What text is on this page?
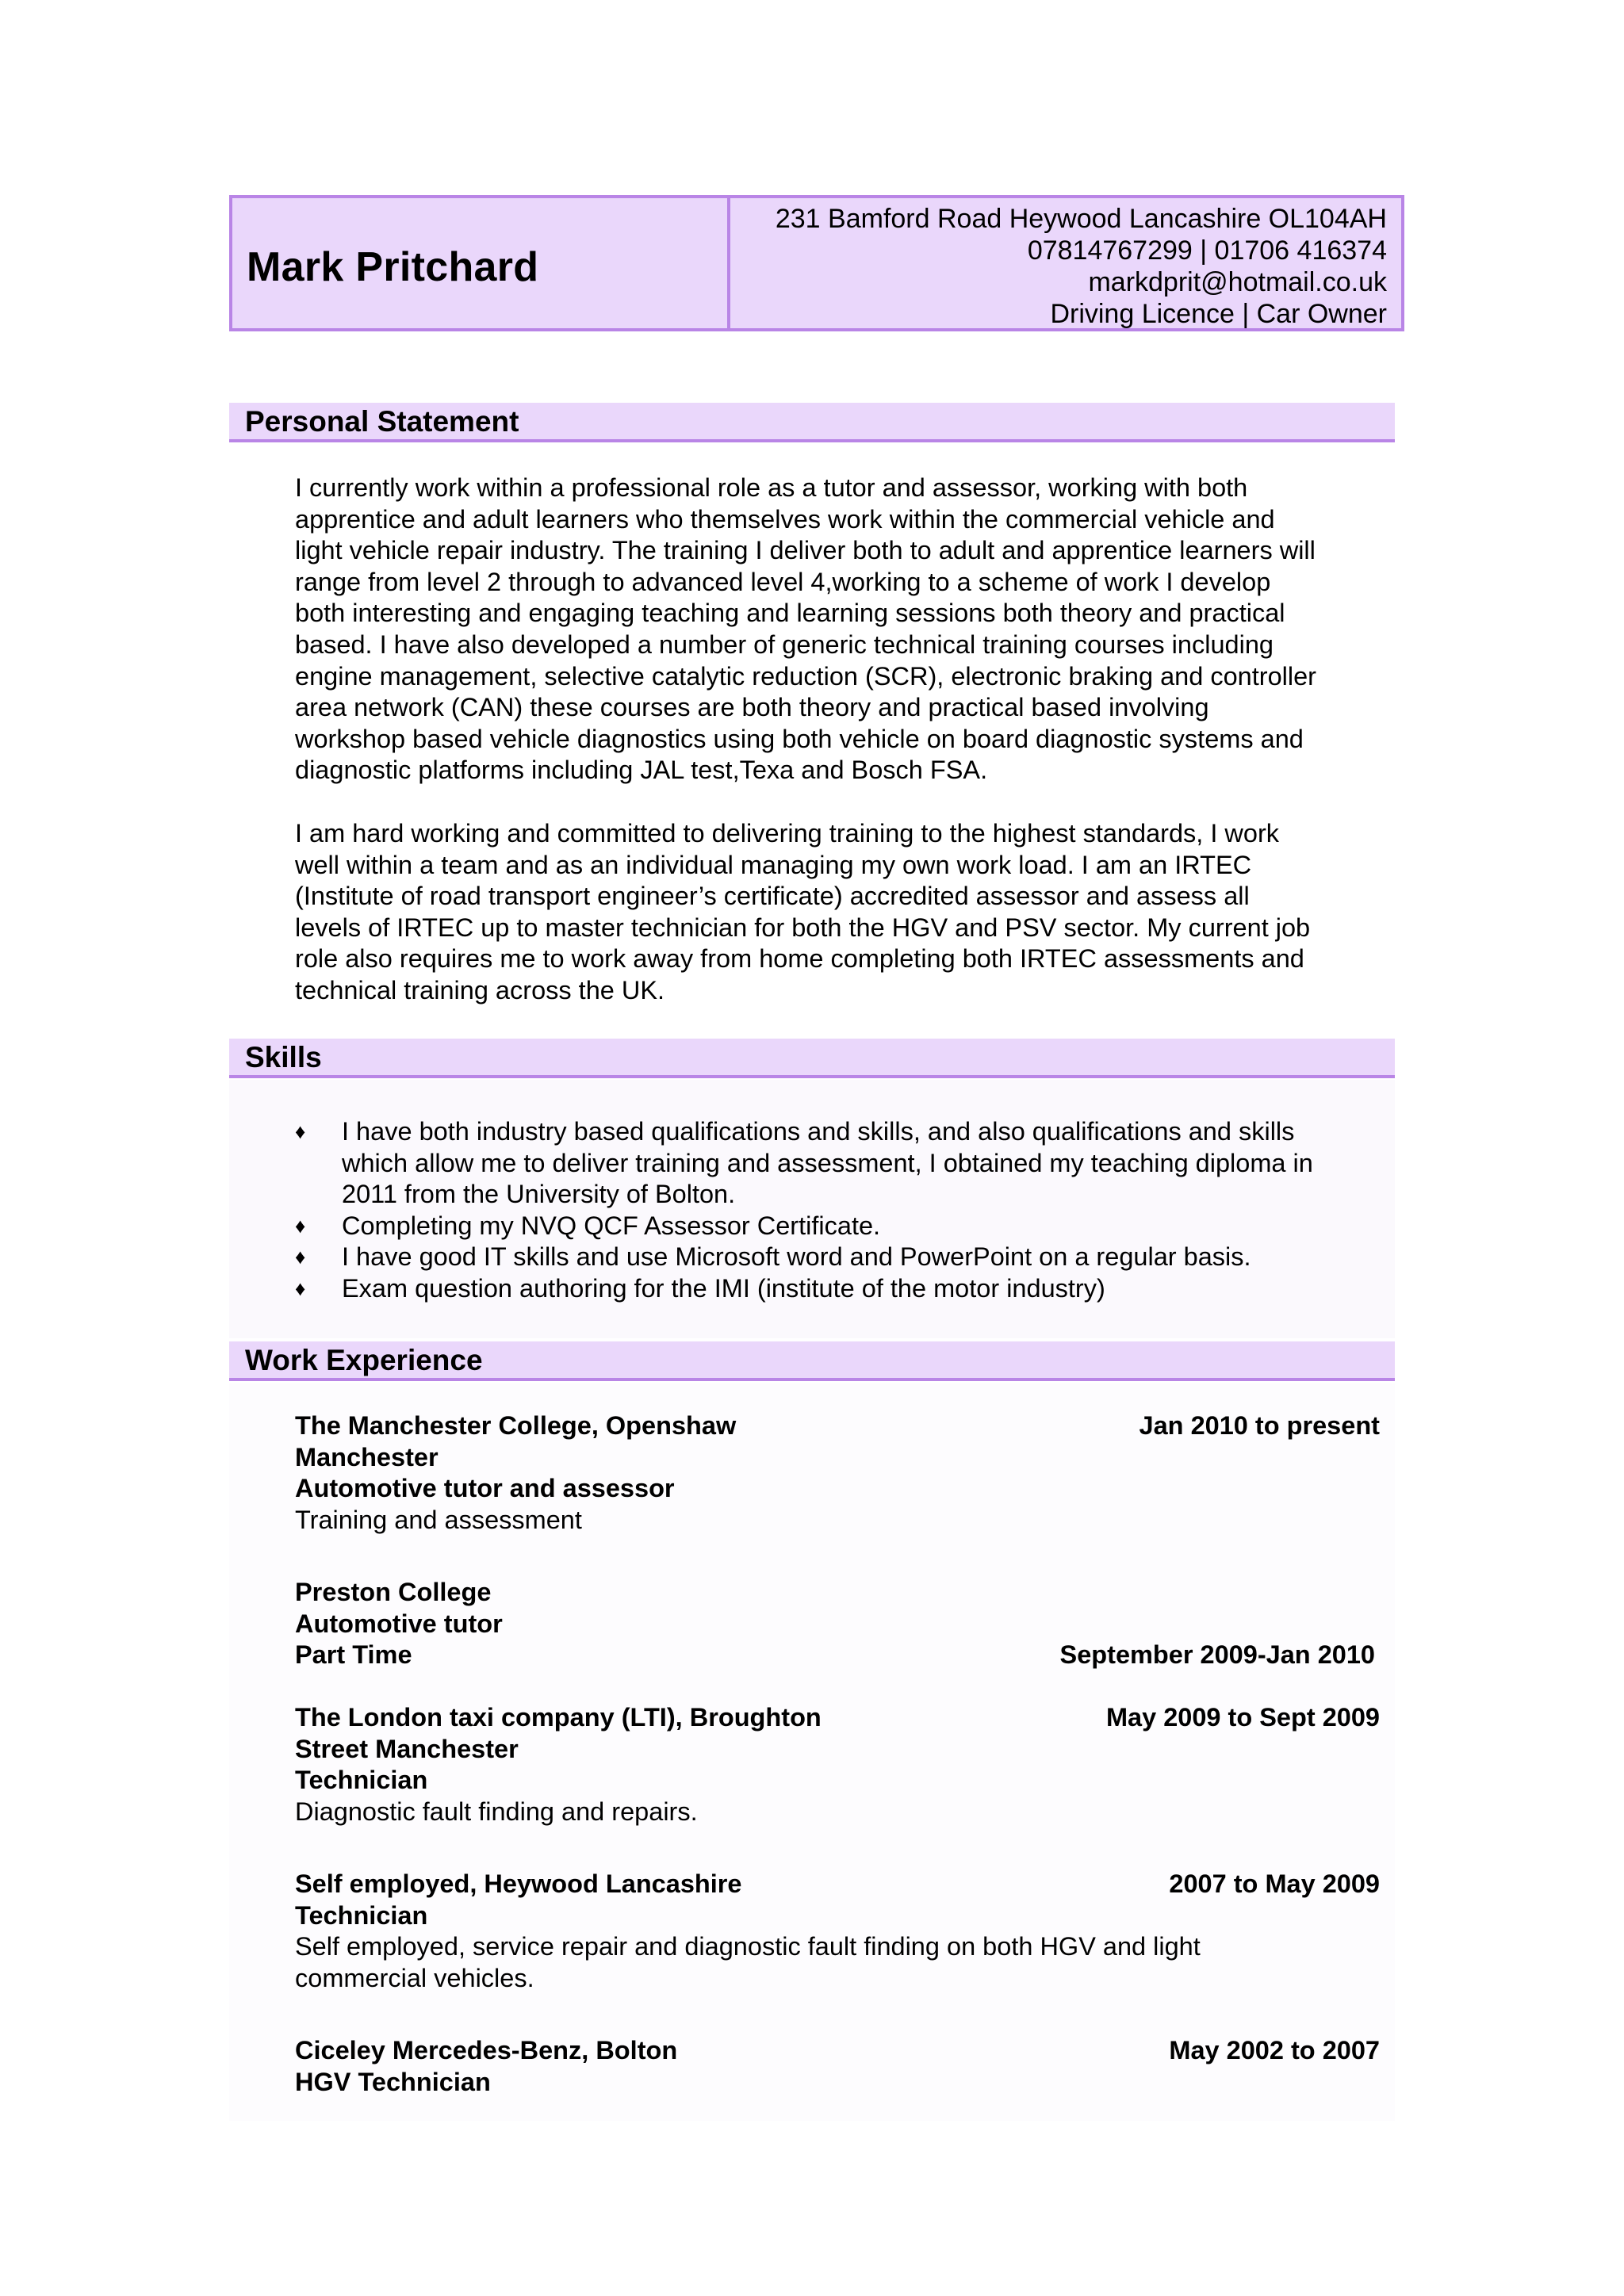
Mark Pritchard
231 Bamford Road Heywood Lancashire OL104AH
07814767299 | 01706 416374
markdprit@hotmail.co.uk
Driving Licence | Car Owner
Personal Statement
I currently work within a professional role as a tutor and assessor, working with both
apprentice and adult learners who themselves work within the commercial vehicle and
light vehicle repair industry. The training I deliver both to adult and apprentice learners will
range from level 2 through to advanced level 4,working to a scheme of work I develop
both interesting and engaging teaching and learning sessions both theory and practical
based. I have also developed a number of generic technical training courses including
engine management, selective catalytic reduction (SCR), electronic braking and controller
area network (CAN) these courses are both theory and practical based involving
workshop based vehicle diagnostics using both vehicle on board diagnostic systems and
diagnostic platforms including JAL test,Texa and Bosch FSA.
I am hard working and committed to delivering training to the highest standards, I work
well within a team and as an individual managing my own work load. I am an IRTEC
(Institute of road transport engineer’s certificate) accredited assessor and assess all
levels of IRTEC up to master technician for both the HGV and PSV sector. My current job
role also requires me to work away from home completing both IRTEC assessments and
technical training across the UK.
Skills
♦ I have both industry based qualifications and skills, and also qualifications and skills
which allow me to deliver training and assessment, I obtained my teaching diploma in
2011 from the University of Bolton.
♦ Completing my NVQ QCF Assessor Certificate.
♦ I have good IT skills and use Microsoft word and PowerPoint on a regular basis.
♦ Exam question authoring for the IMI (institute of the motor industry)
Work Experience
Jan 2010 to present
The Manchester College, Openshaw
Manchester
Automotive tutor and assessor
Training and assessment
September 2009-Jan 2010
Preston College
Automotive tutor
Part Time
May 2009 to Sept 2009
The London taxi company (LTI), Broughton
Street Manchester
Technician
Diagnostic fault finding and repairs.
2007 to May 2009
Self employed, Heywood Lancashire
Technician
Self employed, service repair and diagnostic fault finding on both HGV and light
commercial vehicles.
May 2002 to 2007
Ciceley Mercedes-Benz, Bolton
HGV Technician
